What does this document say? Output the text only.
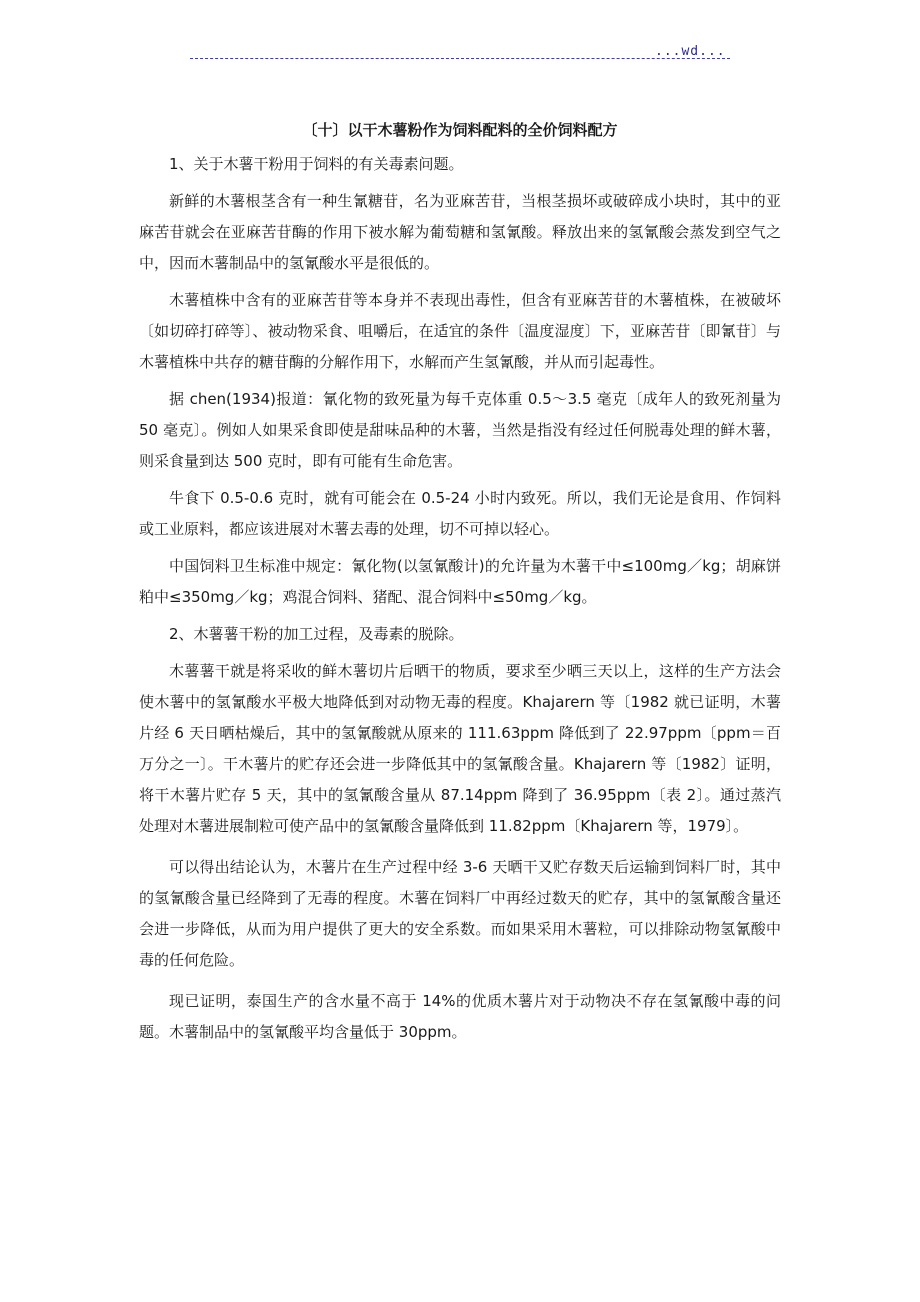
...wd...
〔十〕以干木薯粉作为饲料配料的全价饲料配方

1、关于木薯干粉用于饲料的有关毒素问题。

新鲜的木薯根茎含有一种生氰糖苷，名为亚麻苦苷，当根茎损坏或破碎成小块时，其中的亚麻苦苷就会在亚麻苦苷酶的作用下被水解为葡萄糖和氢氰酸。释放出来的氢氰酸会蒸发到空气之中，因而木薯制品中的氢氰酸水平是很低的。

木薯植株中含有的亚麻苦苷等本身并不表现出毒性，但含有亚麻苦苷的木薯植株，在被破坏〔如切碎打碎等〕、被动物采食、咀嚼后，在适宜的条件〔温度湿度〕下，亚麻苦苷〔即氰苷〕与木薯植株中共存的糖苷酶的分解作用下，水解而产生氢氰酸，并从而引起毒性。

据 chen(1934)报道：氰化物的致死量为每千克体重 0.5～3.5 毫克〔成年人的致死剂量为 50 毫克〕。例如人如果采食即使是甜味品种的木薯，当然是指没有经过任何脱毒处理的鲜木薯，则采食量到达 500 克时，即有可能有生命危害。

牛食下 0.5-0.6 克时，就有可能会在 0.5-24 小时内致死。所以，我们无论是食用、作饲料或工业原料，都应该进展对木薯去毒的处理，切不可掉以轻心。

中国饲料卫生标准中规定：氰化物(以氢氰酸计)的允许量为木薯干中≤100mg／kg；胡麻饼粕中≤350mg／kg；鸡混合饲料、猪配、混合饲料中≤50mg／kg。

2、木薯薯干粉的加工过程，及毒素的脱除。

木薯薯干就是将采收的鲜木薯切片后晒干的物质，要求至少晒三天以上，这样的生产方法会使木薯中的氢氰酸水平极大地降低到对动物无毒的程度。Khajarern 等〔1982 就已证明，木薯片经 6 天日晒枯燥后，其中的氢氰酸就从原来的 111.63ppm 降低到了 22.97ppm〔ppm＝百万分之一〕。干木薯片的贮存还会进一步降低其中的氢氰酸含量。Khajarern 等〔1982〕证明，将干木薯片贮存 5 天，其中的氢氰酸含量从 87.14ppm 降到了 36.95ppm〔表 2〕。通过蒸汽处理对木薯进展制粒可使产品中的氢氰酸含量降低到 11.82ppm〔Khajarern 等，1979〕。

可以得出结论认为，木薯片在生产过程中经 3-6 天晒干又贮存数天后运输到饲料厂时，其中的氢氰酸含量已经降到了无毒的程度。木薯在饲料厂中再经过数天的贮存，其中的氢氰酸含量还会进一步降低，从而为用户提供了更大的安全系数。而如果采用木薯粒，可以排除动物氢氰酸中毒的任何危险。

现已证明，泰国生产的含水量不高于 14%的优质木薯片对于动物决不存在氢氰酸中毒的问题。木薯制品中的氢氰酸平均含量低于 30ppm。
